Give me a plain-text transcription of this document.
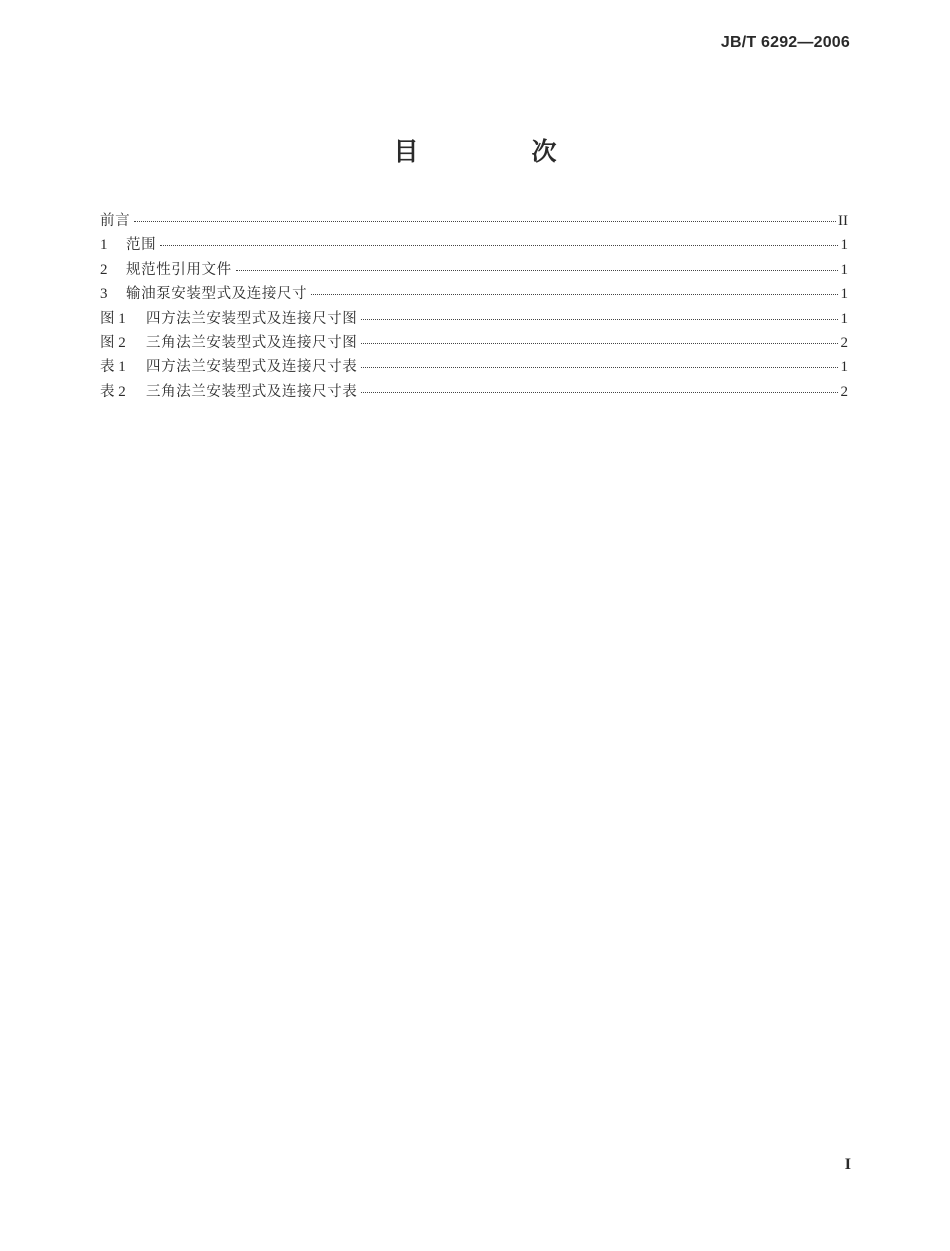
JB/T 6292—2006
目　次
前言	II
1	范围	1
2	规范性引用文件	1
3	输油泵安装型式及连接尺寸	1
图 1	四方法兰安装型式及连接尺寸图	1
图 2	三角法兰安装型式及连接尺寸图	2
表 1	四方法兰安装型式及连接尺寸表	1
表 2	三角法兰安装型式及连接尺寸表	2
I
